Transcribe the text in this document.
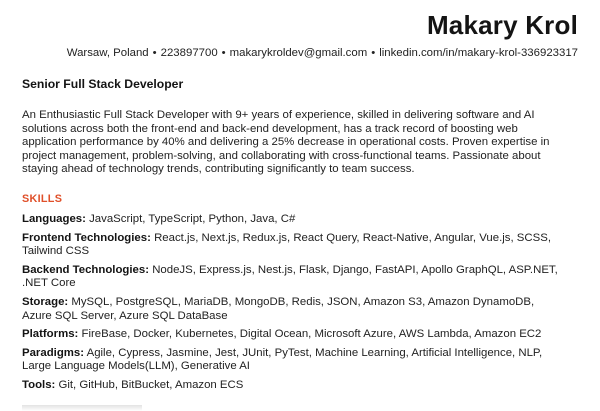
Makary Krol
Warsaw, Poland • 223897700 • makarykroldev@gmail.com • linkedin.com/in/makary-krol-336923317
Senior Full Stack Developer
An Enthusiastic Full Stack Developer with 9+ years of experience, skilled in delivering software and AI solutions across both the front-end and back-end development, has a track record of boosting web application performance by 40% and delivering a 25% decrease in operational costs. Proven expertise in project management, problem-solving, and collaborating with cross-functional teams. Passionate about staying ahead of technology trends, contributing significantly to team success.
SKILLS
Languages: JavaScript, TypeScript, Python, Java, C#
Frontend Technologies: React.js, Next.js, Redux.js, React Query, React-Native, Angular, Vue.js, SCSS, Tailwind CSS
Backend Technologies: NodeJS, Express.js, Nest.js, Flask, Django, FastAPI, Apollo GraphQL, ASP.NET, .NET Core
Storage: MySQL, PostgreSQL, MariaDB, MongoDB, Redis, JSON, Amazon S3, Amazon DynamoDB, Azure SQL Server, Azure SQL DataBase
Platforms: FireBase, Docker, Kubernetes, Digital Ocean, Microsoft Azure, AWS Lambda, Amazon EC2
Paradigms: Agile, Cypress, Jasmine, Jest, JUnit, PyTest, Machine Learning, Artificial Intelligence, NLP, Large Language Models(LLM), Generative AI
Tools: Git, GitHub, BitBucket, Amazon ECS
